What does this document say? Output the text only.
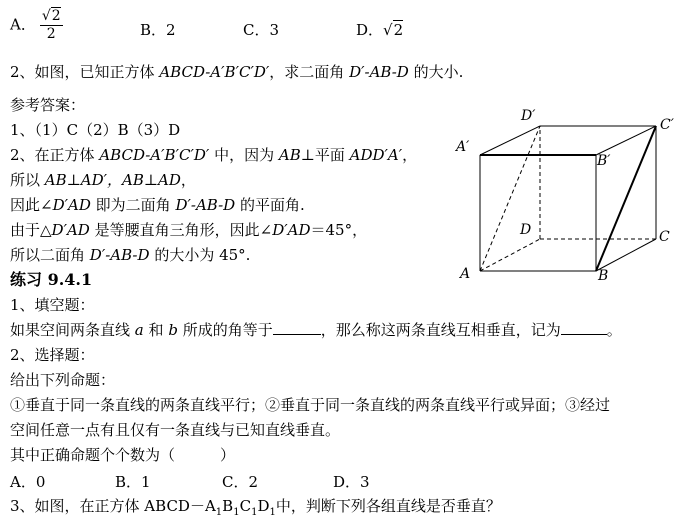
A． $\frac{√2}{2}$	B．2	C．3	D．√2
2、如图，已知正方体 ABCD-A′B′C′D′，求二面角 D′-AB-D 的大小.
参考答案：
1、（1）C（2）B（3）D
2、在正方体 ABCD-A′B′C′D′ 中，因为 AB⊥平面 ADD′A′，
所以 AB⊥AD′，AB⊥AD，
因此∠D′AD 即为二面角 D′-AB-D 的平面角.
由于△D′AD 是等腰直角三角形，因此∠D′AD＝45°，
所以二面角 D′-AB-D 的大小为 45°.
练习 9.4.1
1、填空题：
如果空间两条直线 a 和 b 所成的角等于	，那么称这两条直线互相垂直，记为	。
2、选择题：
给出下列命题：
①垂直于同一条直线的两条直线平行；②垂直于同一条直线的两条直线平行或异面；③经过
空间任意一点有且仅有一条直线与已知直线垂直。
其中正确命题个个数为（　　　）
A．0	B．1	C．2	D．3
3、如图，在正方体 $ABCD-A_1B_1C_1D_1$中，判断下列各组直线是否垂直？
D′
C′
A′
B′
D	C
A	B
